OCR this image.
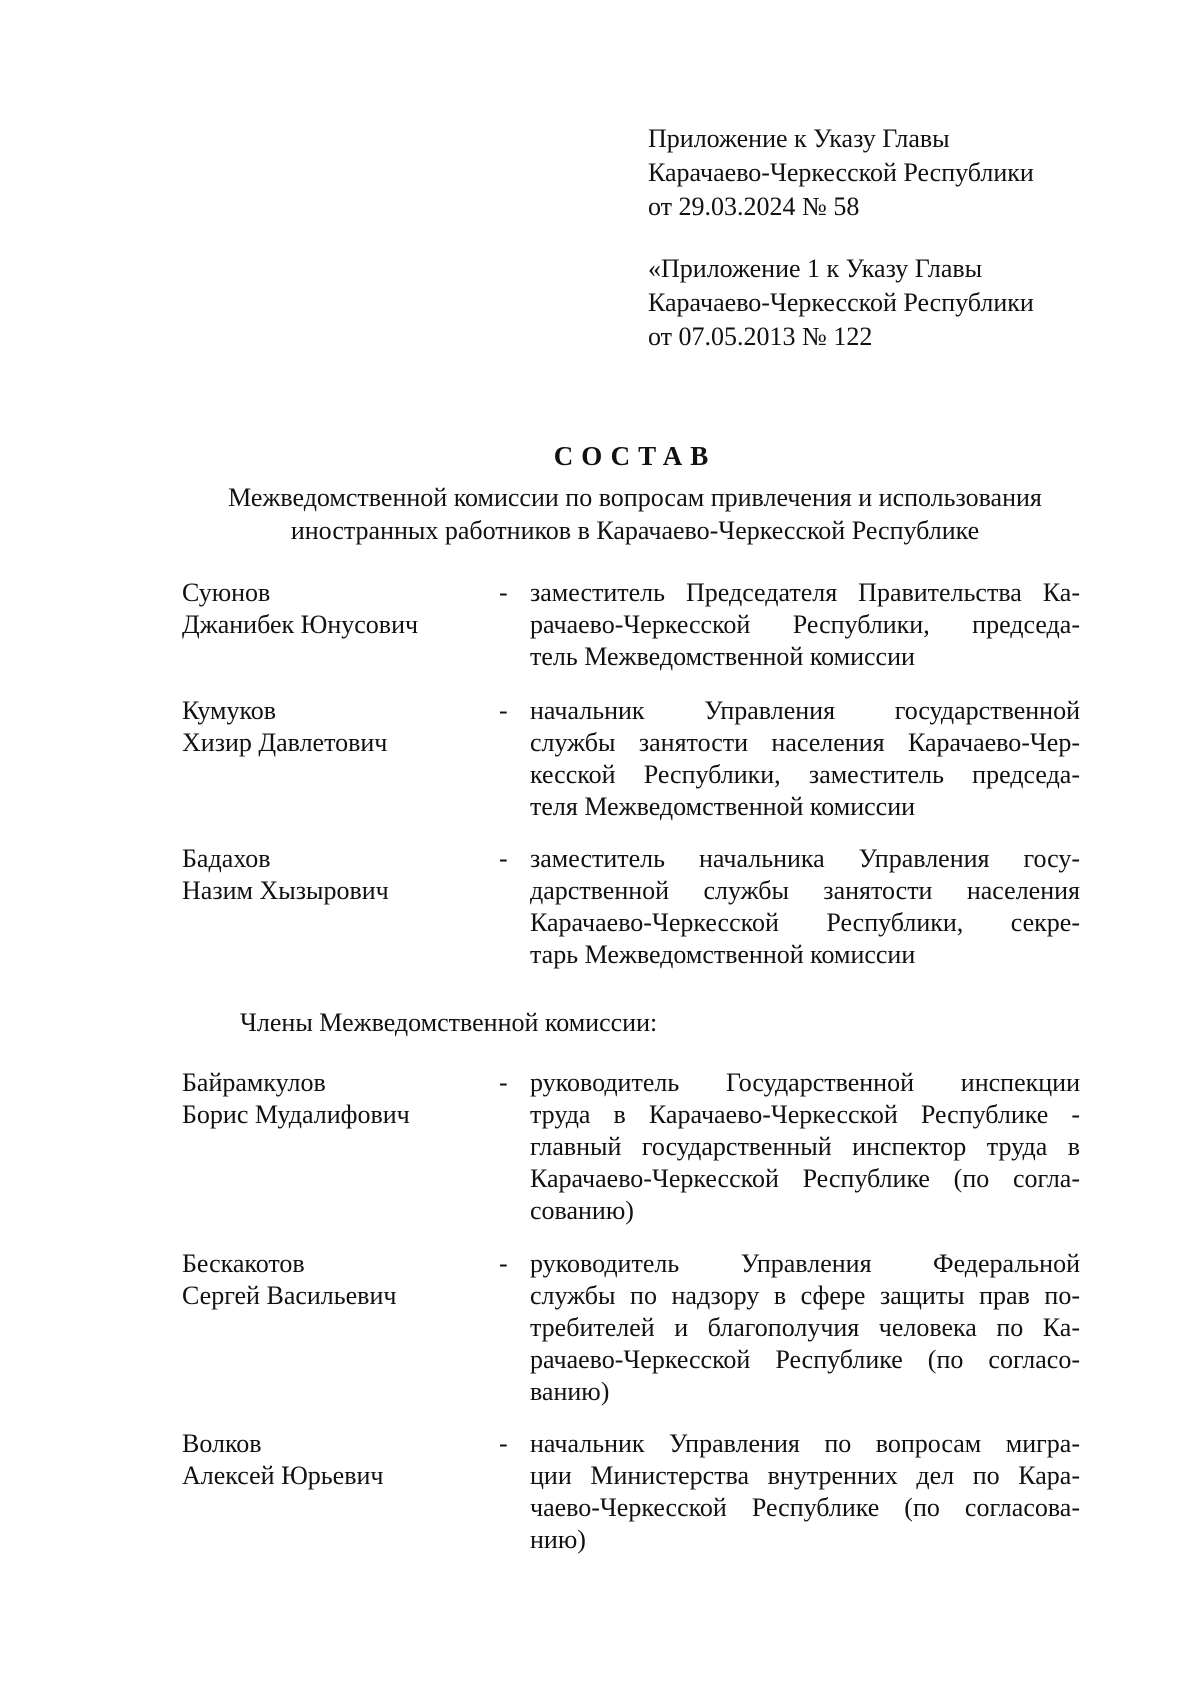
Приложение к Указу Главы
Карачаево-Черкесской Республики
от 29.03.2024 № 58
«Приложение 1 к Указу Главы
Карачаево-Черкесской Республики
от 07.05.2013 № 122
СОСТАВ
Межведомственной комиссии по вопросам привлечения и использования
иностранных работников в Карачаево-Черкесской Республике
Суюнов
Джанибек Юнусович
- заместитель Председателя Правительства Ка-
рачаево-Черкесской Республики, председа-
тель Межведомственной комиссии
Кумуков
Хизир Давлетович
- начальник Управления государственной
службы занятости населения Карачаево-Чер-
кесской Республики, заместитель председа-
теля Межведомственной комиссии
Бадахов
Назим Хызырович
- заместитель начальника Управления госу-
дарственной службы занятости населения
Карачаево-Черкесской Республики, секре-
тарь Межведомственной комиссии
Члены Межведомственной комиссии:
Байрамкулов
Борис Мудалифович
- руководитель Государственной инспекции
труда в Карачаево-Черкесской Республике -
главный государственный инспектор труда в
Карачаево-Черкесской Республике (по согла-
сованию)
Бескакотов
Сергей Васильевич
- руководитель Управления Федеральной
службы по надзору в сфере защиты прав по-
требителей и благополучия человека по Ка-
рачаево-Черкесской Республике (по согласо-
ванию)
Волков
Алексей Юрьевич
- начальник Управления по вопросам мигра-
ции Министерства внутренних дел по Кара-
чаево-Черкесской Республике (по согласова-
нию)
